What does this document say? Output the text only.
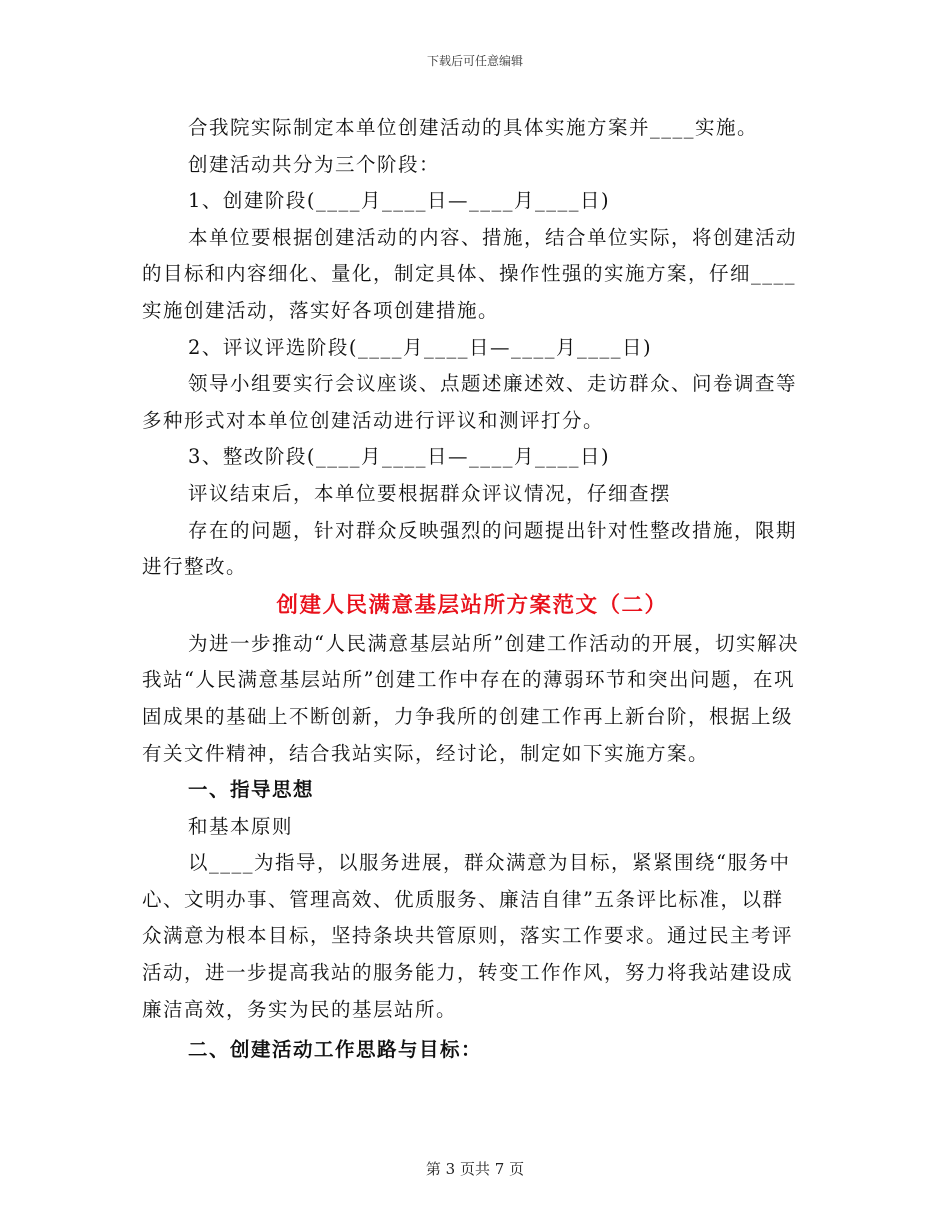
下载后可任意编辑

合我院实际制定本单位创建活动的具体实施方案并____实施。

创建活动共分为三个阶段：

1、创建阶段(____月____日—____月____日)

本单位要根据创建活动的内容、措施，结合单位实际，将创建活动的目标和内容细化、量化，制定具体、操作性强的实施方案，仔细____实施创建活动，落实好各项创建措施。

2、评议评选阶段(____月____日—____月____日)

领导小组要实行会议座谈、点题述廉述效、走访群众、问卷调查等多种形式对本单位创建活动进行评议和测评打分。

3、整改阶段(____月____日—____月____日)

评议结束后，本单位要根据群众评议情况，仔细查摆

存在的问题，针对群众反映强烈的问题提出针对性整改措施，限期进行整改。

创建人民满意基层站所方案范文（二）

为进一步推动“人民满意基层站所”创建工作活动的开展，切实解决我站“人民满意基层站所”创建工作中存在的薄弱环节和突出问题，在巩固成果的基础上不断创新，力争我所的创建工作再上新台阶，根据上级有关文件精神，结合我站实际，经讨论，制定如下实施方案。

一、指导思想

和基本原则

以____为指导，以服务进展，群众满意为目标，紧紧围绕“服务中心、文明办事、管理高效、优质服务、廉洁自律”五条评比标准，以群众满意为根本目标，坚持条块共管原则，落实工作要求。通过民主考评活动，进一步提高我站的服务能力，转变工作作风，努力将我站建设成廉洁高效，务实为民的基层站所。

二、创建活动工作思路与目标：

第 3 页共 7 页
